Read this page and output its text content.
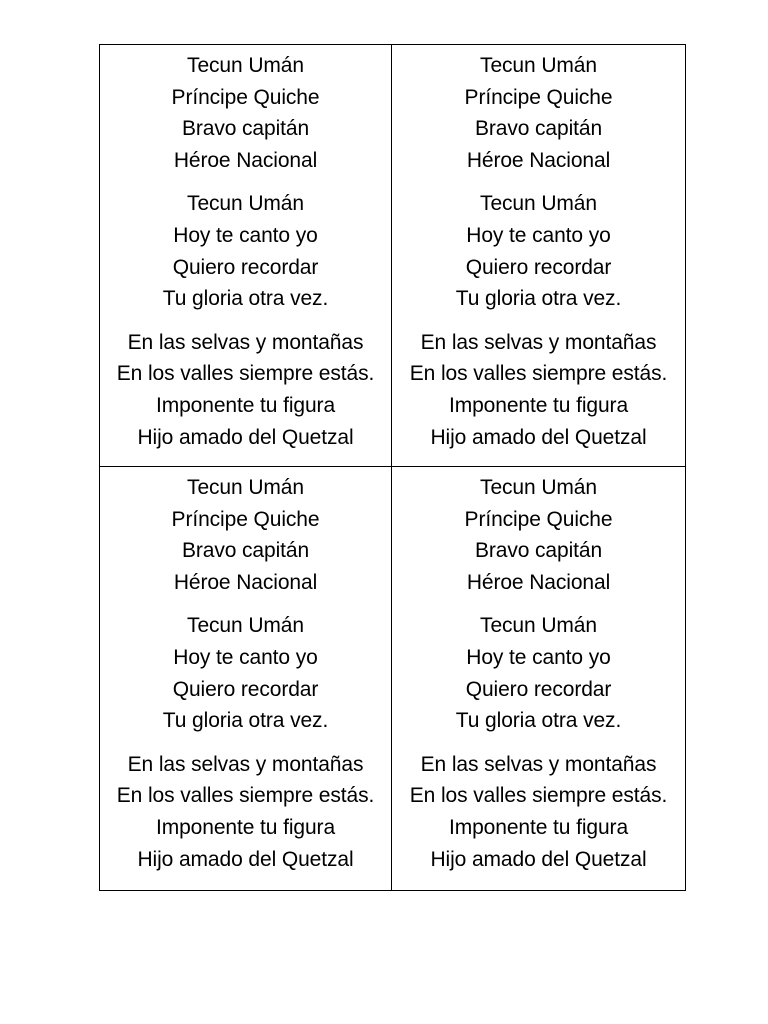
Tecun Umán
Príncipe Quiche
Bravo capitán
Héroe Nacional
Tecun Umán
Hoy te canto yo
Quiero recordar
Tu gloria otra vez.
En las selvas y montañas
En los valles siempre estás.
Imponente tu figura
Hijo amado del Quetzal
Tecun Umán
Príncipe Quiche
Bravo capitán
Héroe Nacional
Tecun Umán
Hoy te canto yo
Quiero recordar
Tu gloria otra vez.
En las selvas y montañas
En los valles siempre estás.
Imponente tu figura
Hijo amado del Quetzal
Tecun Umán
Príncipe Quiche
Bravo capitán
Héroe Nacional
Tecun Umán
Hoy te canto yo
Quiero recordar
Tu gloria otra vez.
En las selvas y montañas
En los valles siempre estás.
Imponente tu figura
Hijo amado del Quetzal
Tecun Umán
Príncipe Quiche
Bravo capitán
Héroe Nacional
Tecun Umán
Hoy te canto yo
Quiero recordar
Tu gloria otra vez.
En las selvas y montañas
En los valles siempre estás.
Imponente tu figura
Hijo amado del Quetzal
